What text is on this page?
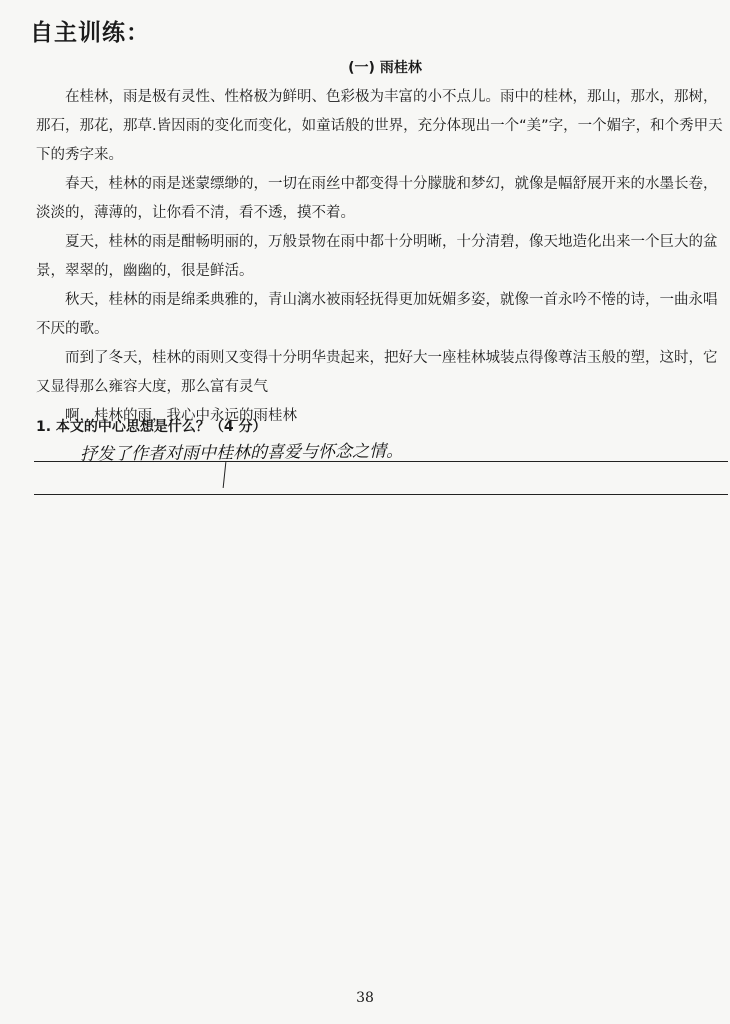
自主训练：
(一) 雨桂林

在桂林，雨是极有灵性、性格极为鲜明、色彩极为丰富的小不点儿。雨中的桂林，那山，那水，那树，那石，那花，那草.皆因雨的变化而变化，如童话般的世界，充分体现出一个“美”字，一个媚字，和个秀甲天下的秀字来。

春天，桂林的雨是迷蒙缥缈的，一切在雨丝中都变得十分朦胧和梦幻，就像是幅舒展开来的水墨长卷，淡淡的，薄薄的，让你看不清，看不透，摸不着。

夏天，桂林的雨是酣畅明丽的，万般景物在雨中都十分明晰，十分清碧，像天地造化出来一个巨大的盆景，翠翠的，幽幽的，很是鲜活。

秋天，桂林的雨是绵柔典雅的，青山漓水被雨轻抚得更加妩媚多姿，就像一首永吟不惓的诗，一曲永唱不厌的歌。

而到了冬天，桂林的雨则又变得十分明华贵起来，把好大一座桂林城装点得像尊洁玉般的塑，这时，它又显得那么雍容大度，那么富有灵气

啊，桂林的雨，我心中永远的雨桂林

1. 本文的中心思想是什么？（4 分）
抒发了作者对雨中桂林的喜爱与怀念之情。
38
